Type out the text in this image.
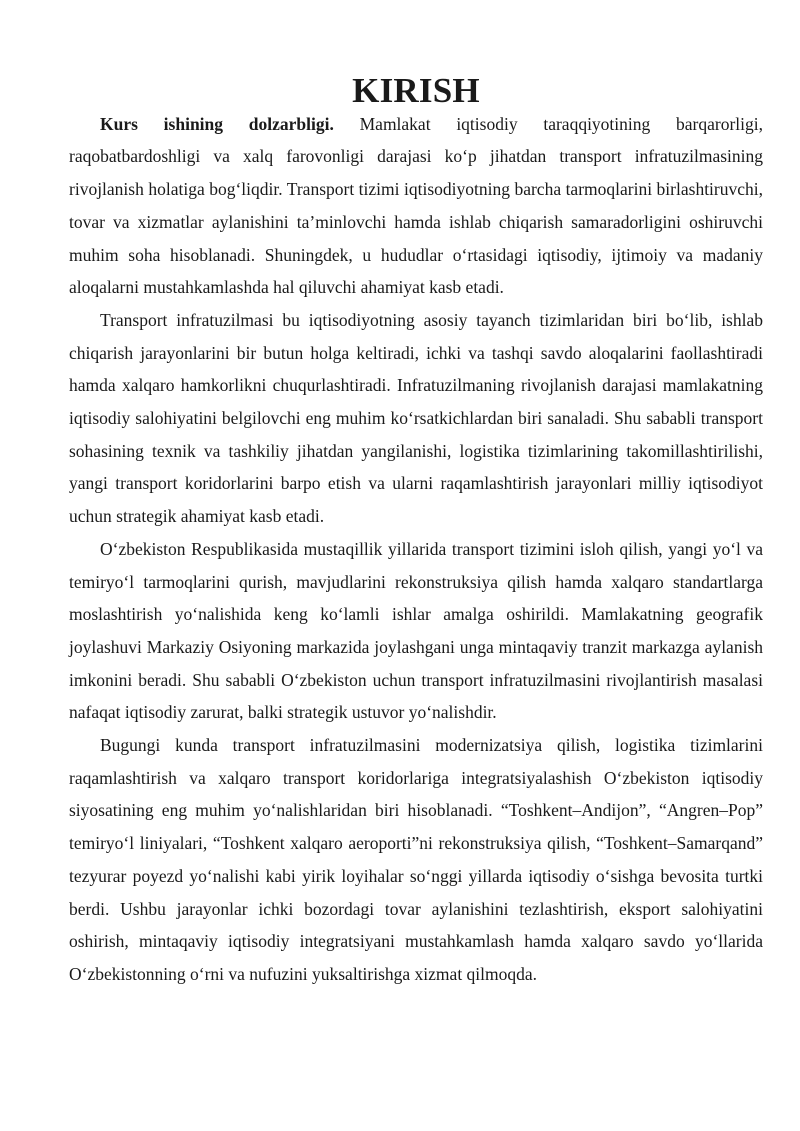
KIRISH

Kurs ishining dolzarbligi. Mamlakat iqtisodiy taraqqiyotining barqarorligi, raqobatbardoshligi va xalq farovonligi darajasi ko‘p jihatdan transport infratuzilmasining rivojlanish holatiga bog‘liqdir. Transport tizimi iqtisodiyotning barcha tarmoqlarini birlashtiruvchi, tovar va xizmatlar aylanishini ta’minlovchi hamda ishlab chiqarish samaradorligini oshiruvchi muhim soha hisoblanadi. Shuningdek, u hududlar o‘rtasidagi iqtisodiy, ijtimoiy va madaniy aloqalarni mustahkamlashda hal qiluvchi ahamiyat kasb etadi.

Transport infratuzilmasi bu iqtisodiyotning asosiy tayanch tizimlaridan biri bo‘lib, ishlab chiqarish jarayonlarini bir butun holga keltiradi, ichki va tashqi savdo aloqalarini faollashtiradi hamda xalqaro hamkorlikni chuqurlashtiradi. Infratuzilmaning rivojlanish darajasi mamlakatning iqtisodiy salohiyatini belgilovchi eng muhim ko‘rsatkichlardan biri sanaladi. Shu sababli transport sohasining texnik va tashkiliy jihatdan yangilanishi, logistika tizimlarining takomillashtirilishi, yangi transport koridorlarini barpo etish va ularni raqamlashtirish jarayonlari milliy iqtisodiyot uchun strategik ahamiyat kasb etadi.

O‘zbekiston Respublikasida mustaqillik yillarida transport tizimini isloh qilish, yangi yo‘l va temiryo‘l tarmoqlarini qurish, mavjudlarini rekonstruksiya qilish hamda xalqaro standartlarga moslashtirish yo‘nalishida keng ko‘lamli ishlar amalga oshirildi. Mamlakatning geografik joylashuvi Markaziy Osiyoning markazida joylashgani unga mintaqaviy tranzit markazga aylanish imkonini beradi. Shu sababli O‘zbekiston uchun transport infratuzilmasini rivojlantirish masalasi nafaqat iqtisodiy zarurat, balki strategik ustuvor yo‘nalishdir.

Bugungi kunda transport infratuzilmasini modernizatsiya qilish, logistika tizimlarini raqamlashtirish va xalqaro transport koridorlariga integratsiyalashish O‘zbekiston iqtisodiy siyosatining eng muhim yo‘nalishlaridan biri hisoblanadi. “Toshkent–Andijon”, “Angren–Pop” temiryo‘l liniyalari, “Toshkent xalqaro aeroporti”ni rekonstruksiya qilish, “Toshkent–Samarqand” tezyurar poyezd yo‘nalishi kabi yirik loyihalar so‘nggi yillarda iqtisodiy o‘sishga bevosita turtki berdi. Ushbu jarayonlar ichki bozordagi tovar aylanishini tezlashtirish, eksport salohiyatini oshirish, mintaqaviy iqtisodiy integratsiyani mustahkamlash hamda xalqaro savdo yo‘llarida O‘zbekistonning o‘rni va nufuzini yuksaltirishga xizmat qilmoqda.
